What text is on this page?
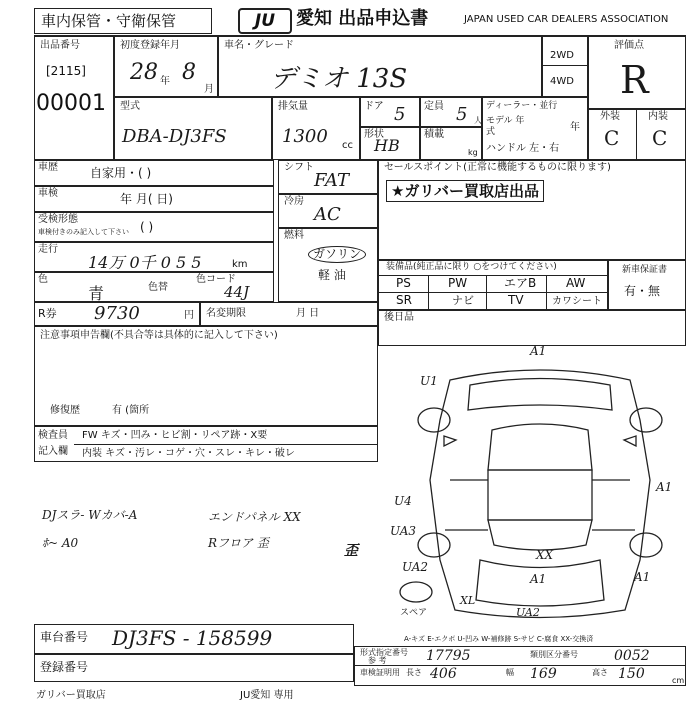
車内保管・守衛保管	JU	愛知 出品申込書	JAPAN USED CAR DEALERS ASSOCIATION
出品番号
[2115]
00001
初度登録年月
28 年 8
月
車名・グレード
デミオ 13S
2WD
4WD
評価点
R
型式
DBA-DJ3FS
排気量
1300 cc
ドア 5 定員 5 人
ディーラー・並行
モデル 年式	年
ハンドル 左・右
形状
HB
積載
kg
外装	内装
C C
車歴	自家用・( )
車検	年 月( 日)
受検形態
車検付きのみ記入して下さい ( )
走行
14万 0千 0 5 5	km
色
青	色替
色コード
44J
R券 9730	円 名変期限	月 日
シフト
FAT
冷房
AC
燃料
ガソリン
軽 油
セールスポイント(正常に機能するものに限ります)
★ガリバー買取店出品
装備品(純正品に限り ○をつけてください)
PS	PW	エアB AW
SR	ナビ	TV	カワシート
新車保証書
有・無
注意事項申告欄(不具合等は具体的に記入して下さい)
修復歴	有 (箇所
後日品
検査員
記入欄
FW キズ・凹み・ヒビ割・リペア跡・X要
内装 キズ・汚レ・コゲ・穴・スレ・キレ・破レ
DJスラ- Wカバ-A	エンドパネル XX
ﾎ~ A0	Rフロア 歪	歪
A1
U1
A1
U4
UA3
UA2
XX
A1	A1
XL
UA2
スペア
A-キズ E-エクボ U-凹み W-補修跡 S-サビ C-腐食 XX-交換済
車台番号 DJ3FS - 158599
登録番号
形式指定番号
参 考	17795	類別区分番号	0052
車検証明用 長さ 406	幅 169	高さ 150	cm
ガリバー買取店	JU愛知 専用
